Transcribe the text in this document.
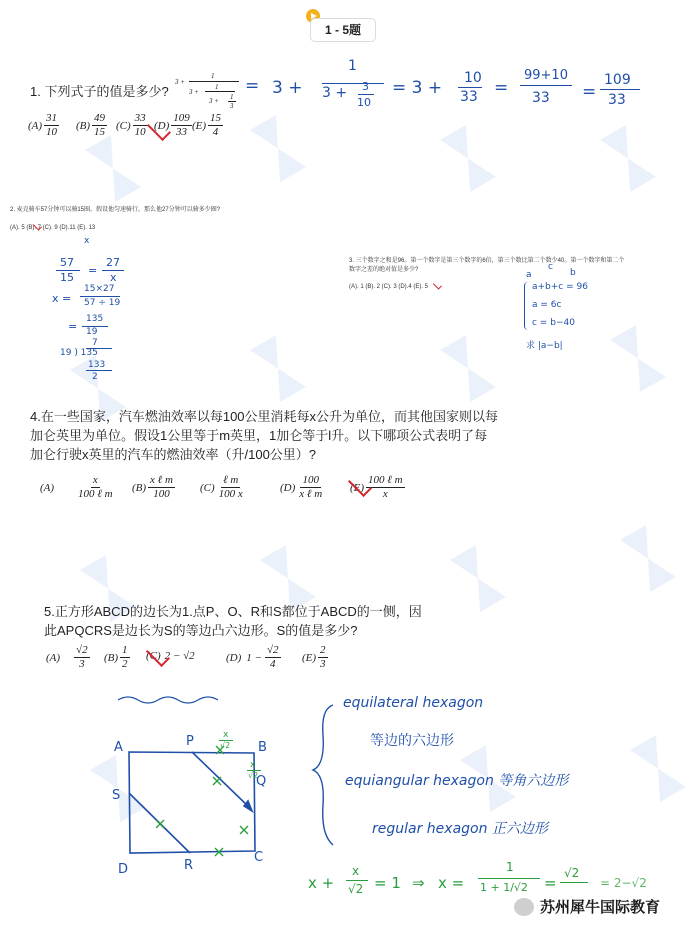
1 - 5题
1. 下列式子的值是多少?
3 +
1
3 +
1
3 + 1
3
$(A) \frac{31}{10} (B) \frac{49}{15} (C) \frac{33}{10} (D) \frac{109}{33} (E) \frac{15}{4}$
= 3 +
1
3 + 3
10
= 3 + 10
33 =
99+10
33 =
109
33
2. 麦克骑车57分钟可以骑15圈。假设他匀速骑行，那么他27分钟可以骑多少圈?
(A). 5 (B). 7 (C). 9 (D).11 (E). 13
x
57
15
=
27
x
x =
15×27
57 ÷ 19
=
135
19
7
19 ) 135
133
2
3. 三个数字之和是96。第一个数字是第三个数字的6倍，第三个数比第二个数少40。第一个数字和第二个数字之差的绝对值是多少?
(A). 1 (B). 2 (C). 3 (D).4 (E). 5
a	b
c
a+b+c = 96
a = 6c
c = b−40
求 |a−b|
4.在一些国家，汽车燃油效率以每100公里消耗每x公升为单位，而其他国家则以每加仑英里为单位。假设1公里等于m英里，1加仑等于l升。以下哪项公式表明了每加仑行驶x英里的汽车的燃油效率（升/100公里）?
$(A) \frac{x}{\text{100 ℓ m}} (B) \frac{\text{x ℓ m}}{100} (C) \frac{\text{ℓ m}}{100 x}$	$(D) \frac{100}{\text{x ℓ m}} (E) \frac{\text{100 ℓ m}}{x}$
5.正方形ABCD的边长为1.点P、O、R和S都位于ABCD的一侧，因此APQCRS是边长为S的等边凸六边形。S的值是多少?
$(A) \frac{√2}{3} (B) \frac{1}{2} (C) 2 - √2$	(D) $1 - \frac{√2}{4} (E) \frac{2}{3}$
A	P	B
S
Q
D	R
C
x
√2
x
√2
equilateral hexagon
等边的六边形
equiangular hexagon 等角六边形
regular hexagon 正六边形
x +
x
√2 = 1 ⇒ x =
1
1 + 1/√2 =
√2
= 2−√2
苏州犀牛国际教育
